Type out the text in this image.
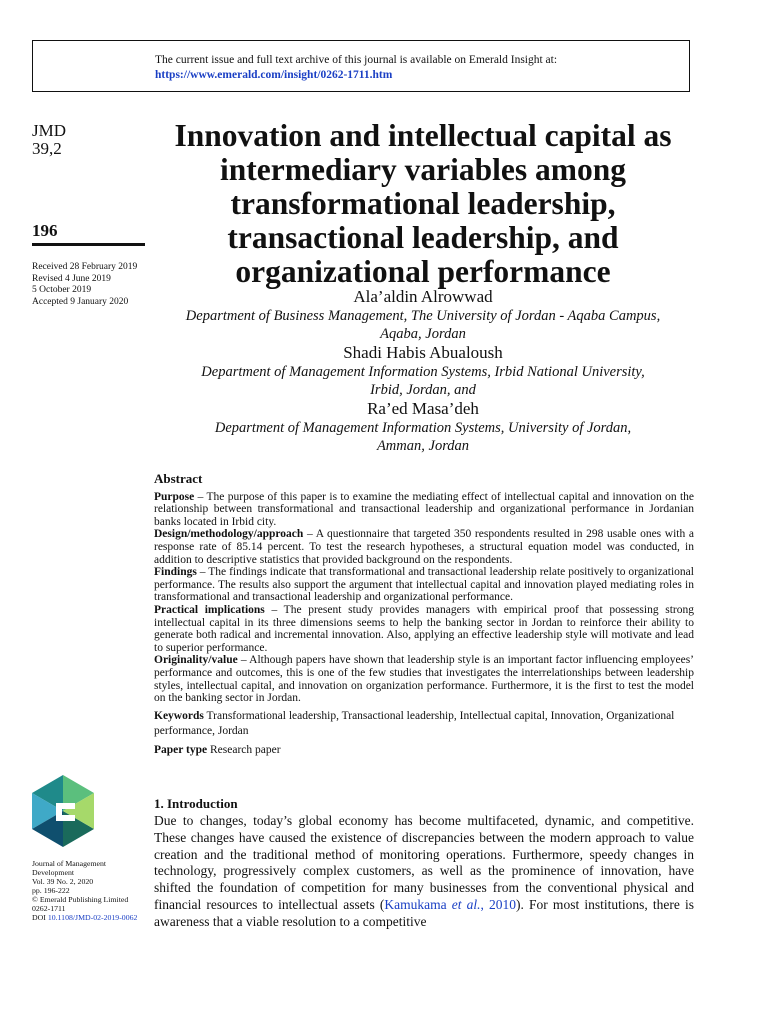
The current issue and full text archive of this journal is available on Emerald Insight at:
https://www.emerald.com/insight/0262-1711.htm
JMD
39,2
196
Received 28 February 2019
Revised 4 June 2019
5 October 2019
Accepted 9 January 2020
Innovation and intellectual capital as intermediary variables among transformational leadership, transactional leadership, and organizational performance
Ala’aldin Alrowwad
Department of Business Management, The University of Jordan - Aqaba Campus,
Aqaba, Jordan
Shadi Habis Abualoush
Department of Management Information Systems, Irbid National University,
Irbid, Jordan, and
Ra’ed Masa’deh
Department of Management Information Systems, University of Jordan,
Amman, Jordan
Abstract

Purpose – The purpose of this paper is to examine the mediating effect of intellectual capital and innovation on the relationship between transformational and transactional leadership and organizational performance in Jordanian banks located in Irbid city.

Design/methodology/approach – A questionnaire that targeted 350 respondents resulted in 298 usable ones with a response rate of 85.14 percent. To test the research hypotheses, a structural equation model was conducted, in addition to descriptive statistics that provided background on the respondents.

Findings – The findings indicate that transformational and transactional leadership relate positively to organizational performance. The results also support the argument that intellectual capital and innovation played mediating roles in transformational and transactional leadership and organizational performance.

Practical implications – The present study provides managers with empirical proof that possessing strong intellectual capital in its three dimensions seems to help the banking sector in Jordan to reinforce their ability to generate both radical and incremental innovation. Also, applying an effective leadership style will motivate and lead to superior performance.

Originality/value – Although papers have shown that leadership style is an important factor influencing employees’ performance and outcomes, this is one of the few studies that investigates the interrelationships between leadership styles, intellectual capital, and innovation on organization performance. Furthermore, it is the first to test the model on the banking sector in Jordan.

Keywords Transformational leadership, Transactional leadership, Intellectual capital, Innovation, Organizational performance, Jordan
Paper type Research paper
Journal of Management
Development
Vol. 39 No. 2, 2020
pp. 196-222
© Emerald Publishing Limited
0262-1711
DOI 10.1108/JMD-02-2019-0062
1. Introduction
Due to changes, today’s global economy has become multifaceted, dynamic, and competitive. These changes have caused the existence of discrepancies between the modern approach to value creation and the traditional method of monitoring operations. Furthermore, speedy changes in technology, progressively complex customers, as well as the prominence of innovation, have shifted the foundation of competition for many businesses from the conventional physical and financial resources to intellectual assets (Kamukama et al., 2010). For most institutions, there is awareness that a viable resolution to a competitive
